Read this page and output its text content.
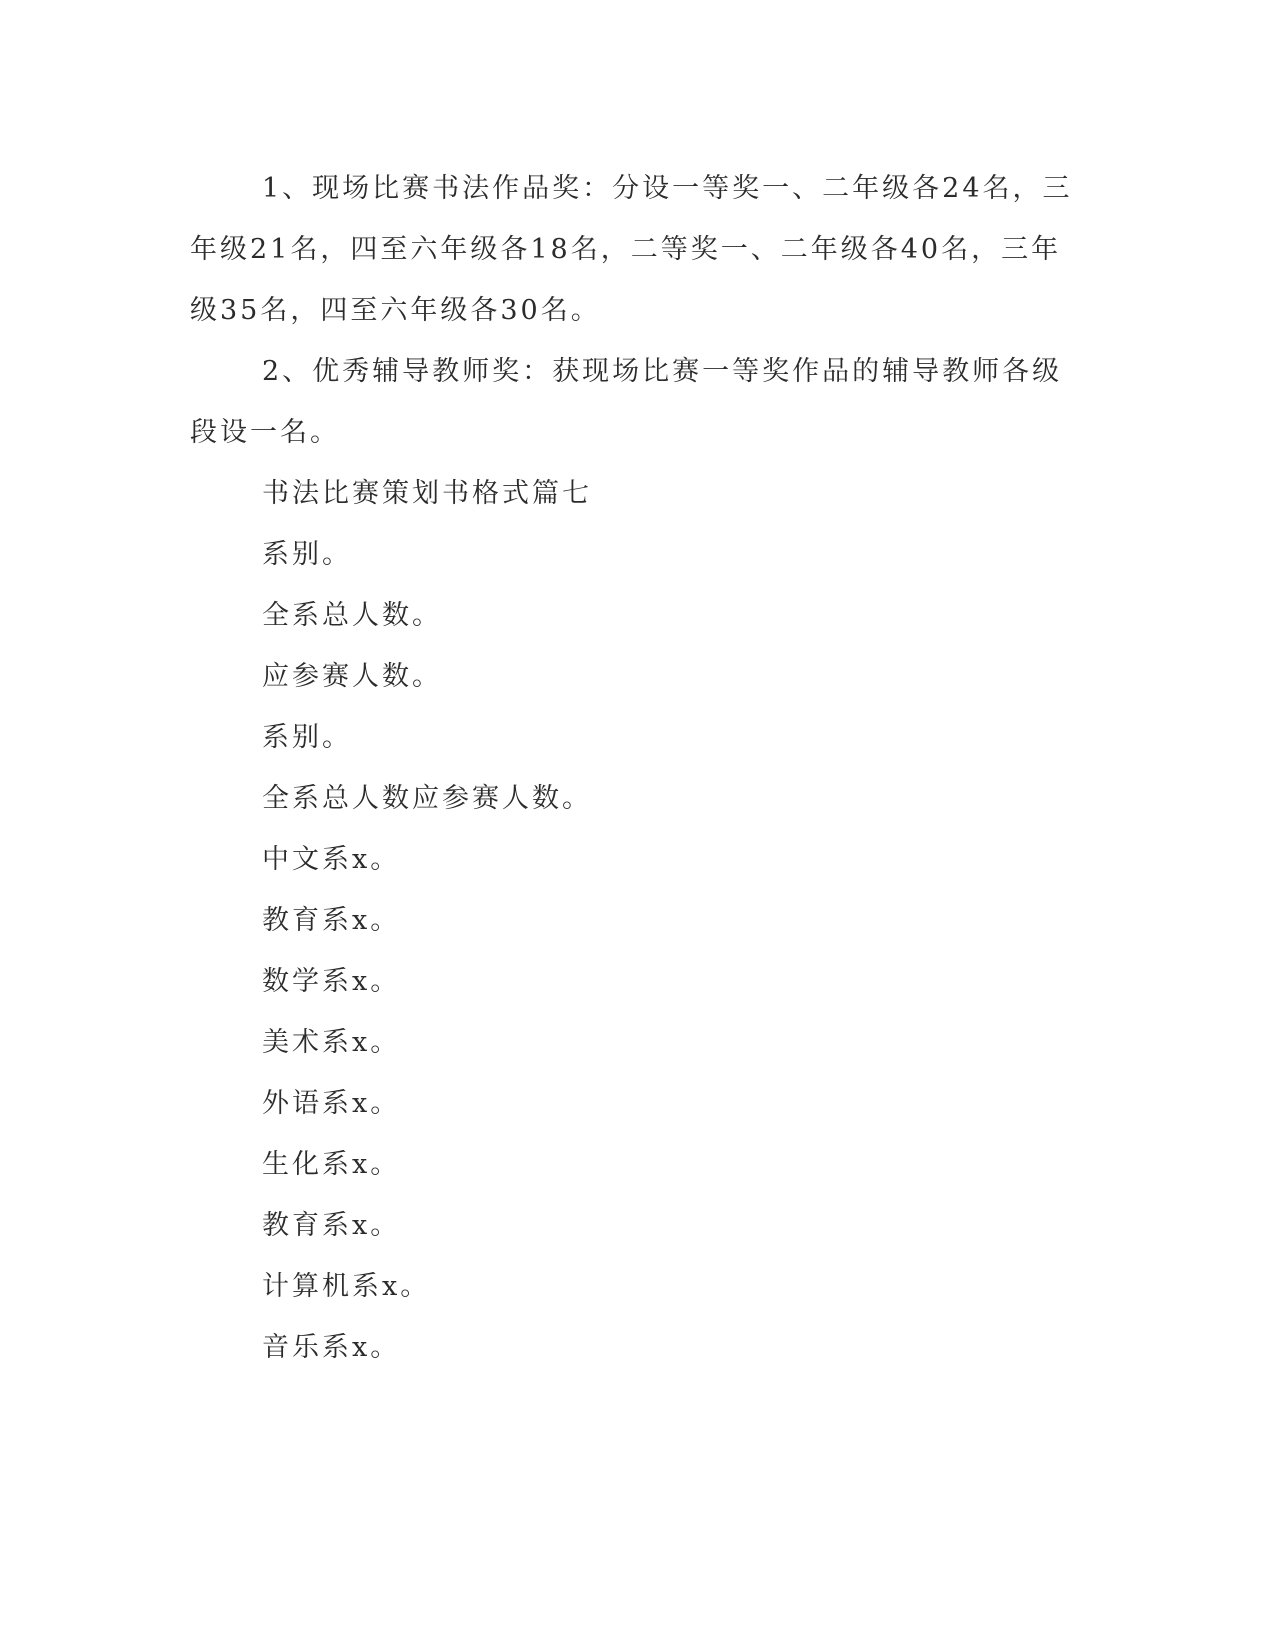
1、现场比赛书法作品奖：分设一等奖一、二年级各24名，三年级21名，四至六年级各18名，二等奖一、二年级各40名，三年级35名，四至六年级各30名。

2、优秀辅导教师奖：获现场比赛一等奖作品的辅导教师各级段设一名。

书法比赛策划书格式篇七

系别。

全系总人数。

应参赛人数。

系别。

全系总人数应参赛人数。

中文系x。

教育系x。

数学系x。

美术系x。

外语系x。

生化系x。

教育系x。

计算机系x。

音乐系x。
